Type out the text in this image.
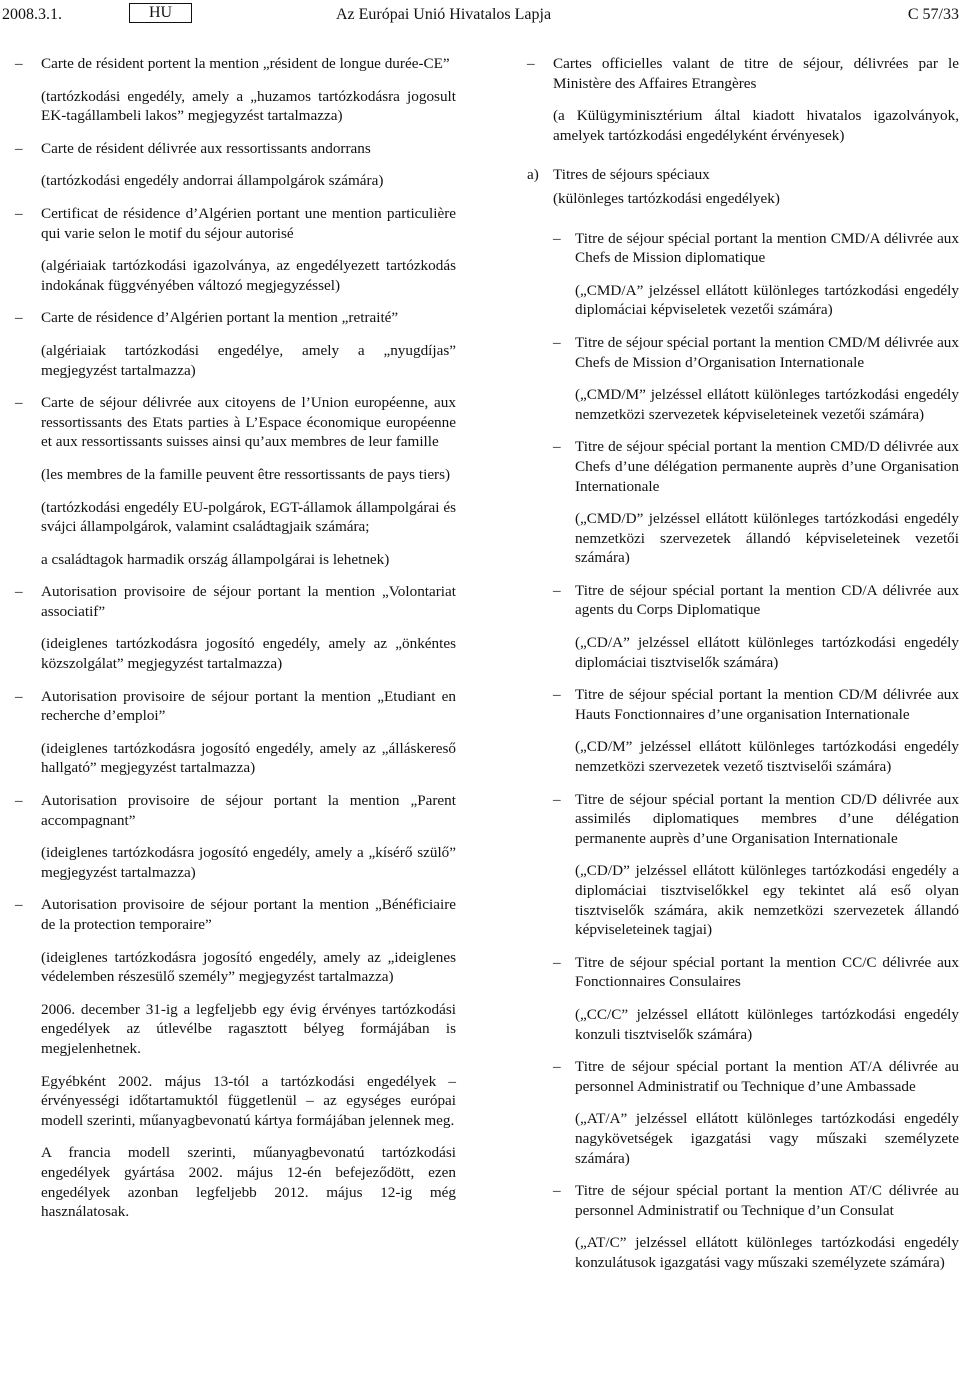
2008.3.1.	HU	Az Európai Unió Hivatalos Lapja	C 57/33
– Carte de résident portent la mention „résident de longue durée-CE”
(tartózkodási engedély, amely a „huzamos tartózkodásra jogosult EK-tagállambeli lakos” megjegyzést tartalmazza)
– Carte de résident délivrée aux ressortissants andorrans
(tartózkodási engedély andorrai állampolgárok számára)
– Certificat de résidence d’Algérien portant une mention particulière qui varie selon le motif du séjour autorisé
(algériaiak tartózkodási igazolványa, az engedélyezett tartózkodás indokának függvényében változó megjegyzéssel)
– Carte de résidence d’Algérien portant la mention „retraité”
(algériaiak tartózkodási engedélye, amely a „nyugdíjas” megjegyzést tartalmazza)
– Carte de séjour délivrée aux citoyens de l’Union européenne, aux ressortissants des Etats parties à L’Espace économique européenne et aux ressortissants suisses ainsi qu’aux membres de leur famille
(les membres de la famille peuvent être ressortissants de pays tiers)
(tartózkodási engedély EU-polgárok, EGT-államok állampolgárai és svájci állampolgárok, valamint családtagjaik számára;
a családtagok harmadik ország állampolgárai is lehetnek)
– Autorisation provisoire de séjour portant la mention „Volontariat associatif”
(ideiglenes tartózkodásra jogosító engedély, amely az „önkéntes közszolgálat” megjegyzést tartalmazza)
– Autorisation provisoire de séjour portant la mention „Etudiant en recherche d’emploi”
(ideiglenes tartózkodásra jogosító engedély, amely az „álláskereső hallgató” megjegyzést tartalmazza)
– Autorisation provisoire de séjour portant la mention „Parent accompagnant”
(ideiglenes tartózkodásra jogosító engedély, amely a „kísérő szülő” megjegyzést tartalmazza)
– Autorisation provisoire de séjour portant la mention „Bénéficiaire de la protection temporaire”
(ideiglenes tartózkodásra jogosító engedély, amely az „ideiglenes védelemben részesülő személy” megjegyzést tartalmazza)
2006. december 31-ig a legfeljebb egy évig érvényes tartózkodási engedélyek az útlevélbe ragasztott bélyeg formájában is megjelenhetnek.
Egyébként 2002. május 13-tól a tartózkodási engedélyek – érvényességi időtartamuktól függetlenül – az egységes európai modell szerinti, műanyagbevonatú kártya formájában jelennek meg.
A francia modell szerinti, műanyagbevonatú tartózkodási engedélyek gyártása 2002. május 12-én befejeződött, ezen engedélyek azonban legfeljebb 2012. május 12-ig még használatosak.
– Cartes officielles valant de titre de séjour, délivrées par le Ministère des Affaires Etrangères
(a Külügyminisztérium által kiadott hivatalos igazolványok, amelyek tartózkodási engedélyként érvényesek)
a) Titres de séjours spéciaux
(különleges tartózkodási engedélyek)
– Titre de séjour spécial portant la mention CMD/A délivrée aux Chefs de Mission diplomatique
(„CMD/A” jelzéssel ellátott különleges tartózkodási engedély diplomáciai képviseletek vezetői számára)
– Titre de séjour spécial portant la mention CMD/M délivrée aux Chefs de Mission d’Organisation Internationale
(„CMD/M” jelzéssel ellátott különleges tartózkodási engedély nemzetközi szervezetek képviseleteinek vezetői számára)
– Titre de séjour spécial portant la mention CMD/D délivrée aux Chefs d’une délégation permanente auprès d’une Organisation Internationale
(„CMD/D” jelzéssel ellátott különleges tartózkodási engedély nemzetközi szervezetek állandó képviseleteinek vezetői számára)
– Titre de séjour spécial portant la mention CD/A délivrée aux agents du Corps Diplomatique
(„CD/A” jelzéssel ellátott különleges tartózkodási engedély diplomáciai tisztviselők számára)
– Titre de séjour spécial portant la mention CD/M délivrée aux Hauts Fonctionnaires d’une organisation Internationale
(„CD/M” jelzéssel ellátott különleges tartózkodási engedély nemzetközi szervezetek vezető tisztviselői számára)
– Titre de séjour spécial portant la mention CD/D délivrée aux assimilés diplomatiques membres d’une délégation permanente auprès d’une Organisation Internationale
(„CD/D” jelzéssel ellátott különleges tartózkodási engedély a diplomáciai tisztviselőkkel egy tekintet alá eső olyan tisztviselők számára, akik nemzetközi szervezetek állandó képviseleteinek tagjai)
– Titre de séjour spécial portant la mention CC/C délivrée aux Fonctionnaires Consulaires
(„CC/C” jelzéssel ellátott különleges tartózkodási engedély konzuli tisztviselők számára)
– Titre de séjour spécial portant la mention AT/A délivrée au personnel Administratif ou Technique d’une Ambassade
(„AT/A” jelzéssel ellátott különleges tartózkodási engedély nagykövetségek igazgatási vagy műszaki személyzete számára)
– Titre de séjour spécial portant la mention AT/C délivrée au personnel Administratif ou Technique d’un Consulat
(„AT/C” jelzéssel ellátott különleges tartózkodási engedély konzulátusok igazgatási vagy műszaki személyzete számára)
